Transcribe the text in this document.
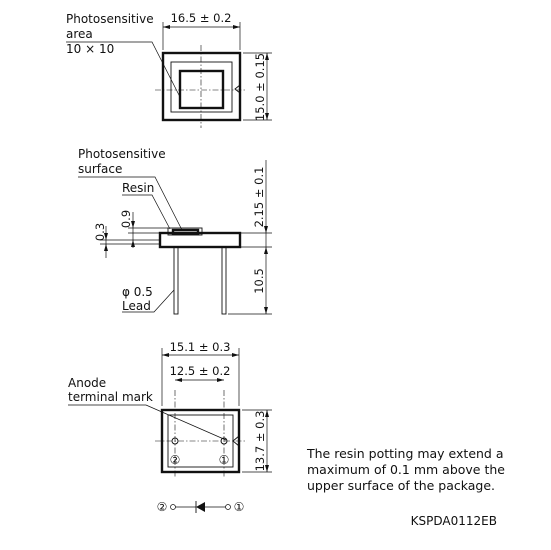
Photosensitive
area
10 × 10
16.5 ± 0.2
15.0 ± 0.15
Photosensitive
surface
Resin
0.3
0.9	2.15 ± 0.1
10.5
φ 0.5
Lead
15.1 ± 0.3
12.5 ± 0.2
13.7 ± 0.3
Anode
terminal mark
②	①
②	①
The resin potting may extend a
maximum of 0.1 mm above the
upper surface of the package.
KSPDA0112EB
